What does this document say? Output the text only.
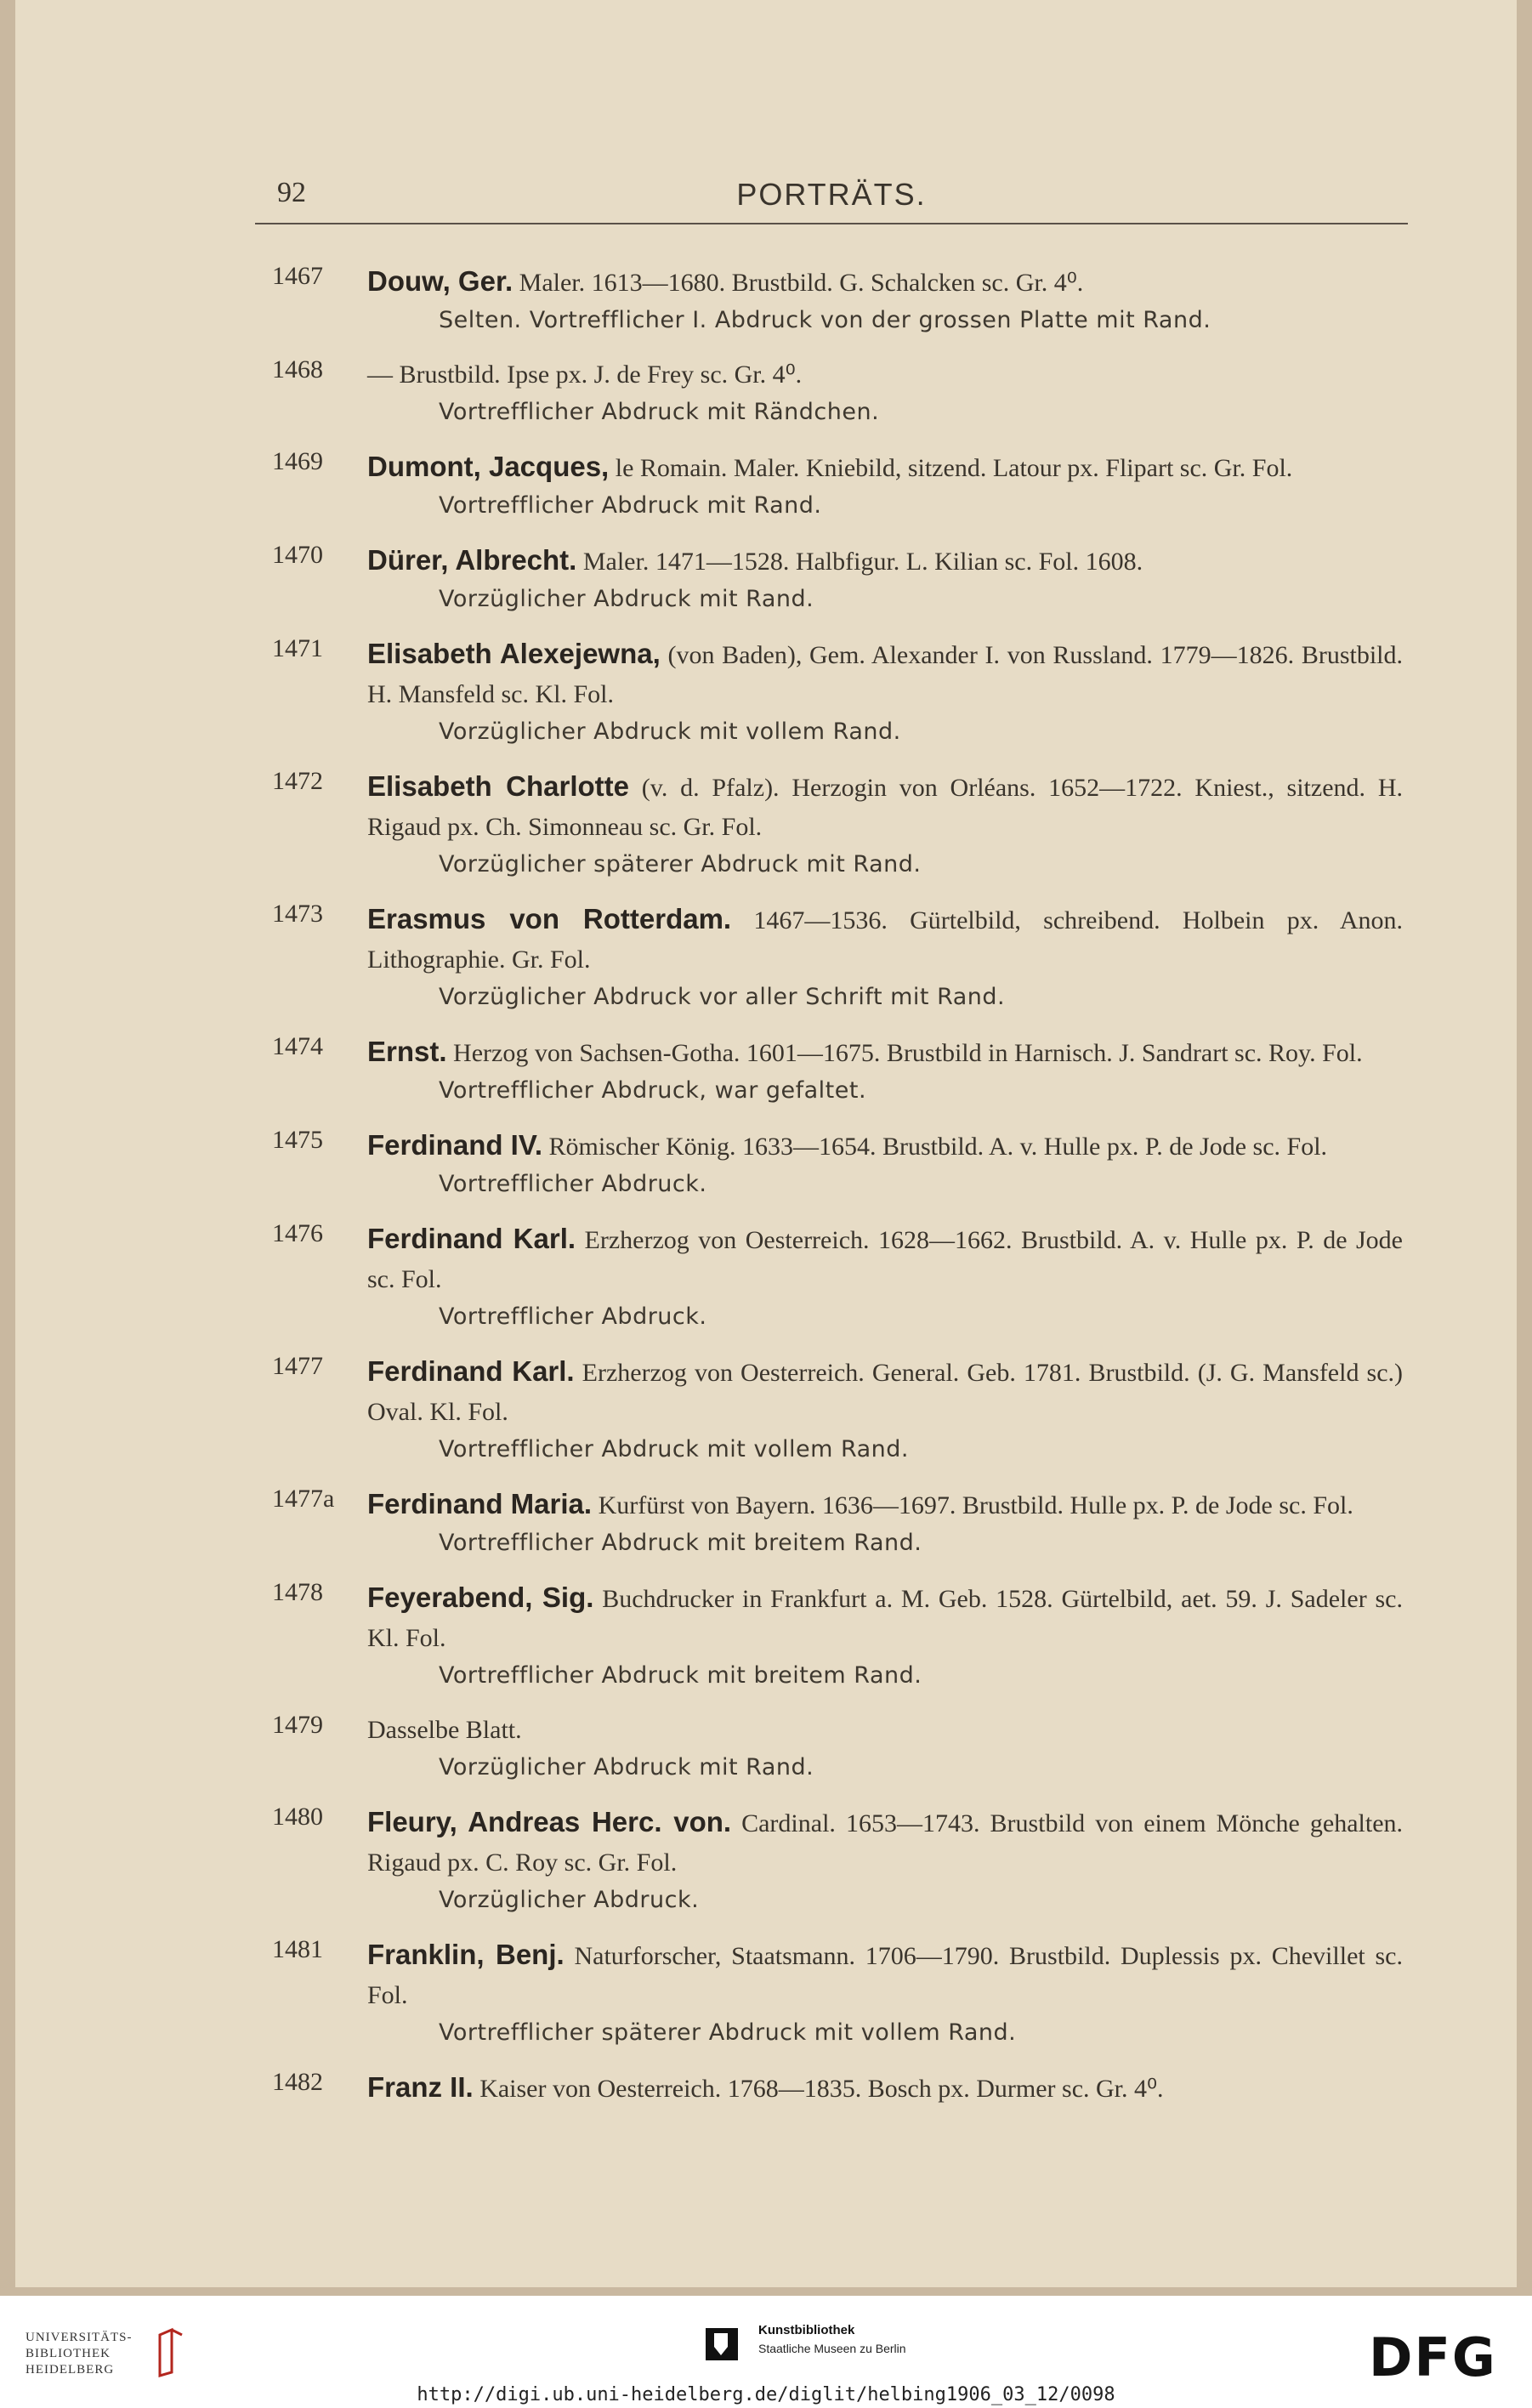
92	PORTRÄTS.
1467 Douw, Ger. Maler. 1613—1680. Brustbild. G. Schalcken sc. Gr. 4⁰.
Selten. Vortrefflicher I. Abdruck von der grossen Platte mit Rand.
1468 — Brustbild. Ipse px. J. de Frey sc. Gr. 4⁰.
Vortrefflicher Abdruck mit Rändchen.
1469 Dumont, Jacques, le Romain. Maler. Kniebild, sitzend. Latour px. Flipart sc. Gr. Fol.
Vortrefflicher Abdruck mit Rand.
1470 Dürer, Albrecht. Maler. 1471—1528. Halbfigur. L. Kilian sc. Fol. 1608.
Vorzüglicher Abdruck mit Rand.
1471 Elisabeth Alexejewna, (von Baden), Gem. Alexander I. von Russland. 1779—1826. Brustbild. H. Mansfeld sc. Kl. Fol.
Vorzüglicher Abdruck mit vollem Rand.
1472 Elisabeth Charlotte (v. d. Pfalz). Herzogin von Orléans. 1652—1722. Kniest., sitzend. H. Rigaud px. Ch. Simonneau sc. Gr. Fol.
Vorzüglicher späterer Abdruck mit Rand.
1473 Erasmus von Rotterdam. 1467—1536. Gürtelbild, schreibend. Holbein px. Anon. Lithographie. Gr. Fol.
Vorzüglicher Abdruck vor aller Schrift mit Rand.
1474 Ernst. Herzog von Sachsen-Gotha. 1601—1675. Brustbild in Harnisch. J. Sandrart sc. Roy. Fol.
Vortrefflicher Abdruck, war gefaltet.
1475 Ferdinand IV. Römischer König. 1633—1654. Brustbild. A. v. Hulle px. P. de Jode sc. Fol.
Vortrefflicher Abdruck.
1476 Ferdinand Karl. Erzherzog von Oesterreich. 1628—1662. Brustbild. A. v. Hulle px. P. de Jode sc. Fol.
Vortrefflicher Abdruck.
1477 Ferdinand Karl. Erzherzog von Oesterreich. General. Geb. 1781. Brustbild. (J. G. Mansfeld sc.) Oval. Kl. Fol.
Vortrefflicher Abdruck mit vollem Rand.
1477a Ferdinand Maria. Kurfürst von Bayern. 1636—1697. Brustbild. Hulle px. P. de Jode sc. Fol.
Vortrefflicher Abdruck mit breitem Rand.
1478 Feyerabend, Sig. Buchdrucker in Frankfurt a. M. Geb. 1528. Gürtelbild, aet. 59. J. Sadeler sc. Kl. Fol.
Vortrefflicher Abdruck mit breitem Rand.
1479 Dasselbe Blatt.
Vorzüglicher Abdruck mit Rand.
1480 Fleury, Andreas Herc. von. Cardinal. 1653—1743. Brustbild von einem Mönche gehalten. Rigaud px. C. Roy sc. Gr. Fol.
Vorzüglicher Abdruck.
1481 Franklin, Benj. Naturforscher, Staatsmann. 1706—1790. Brustbild. Duplessis px. Chevillet sc. Fol.
Vortrefflicher späterer Abdruck mit vollem Rand.
1482 Franz II. Kaiser von Oesterreich. 1768—1835. Bosch px. Durmer sc. Gr. 4⁰.
UNIVERSITÄTS-
BIBLIOTHEK
HEIDELBERG
Kunstbibliothek
Staatliche Museen zu Berlin	DFG
http://digi.ub.uni-heidelberg.de/diglit/helbing1906_03_12/0098
